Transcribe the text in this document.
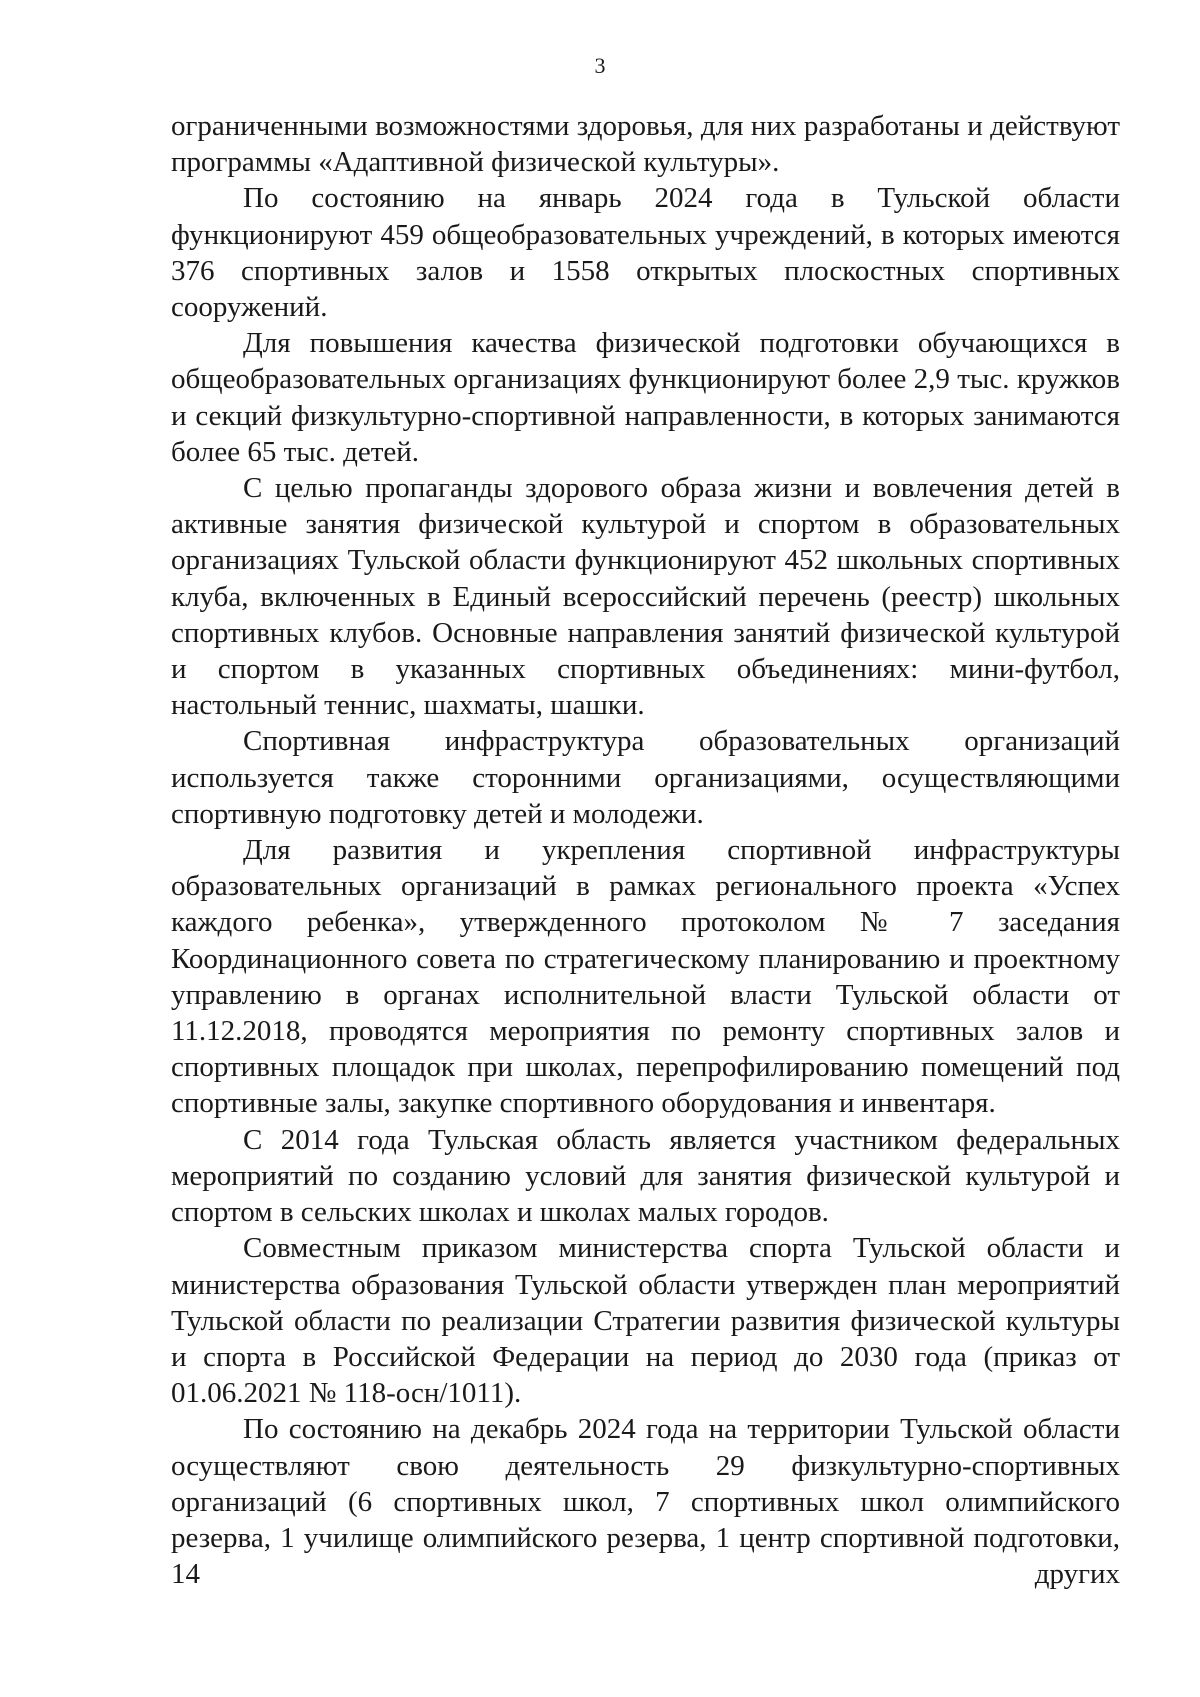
3

ограниченными возможностями здоровья, для них разработаны и действуют программы «Адаптивной физической культуры».

По состоянию на январь 2024 года в Тульской области функционируют 459 общеобразовательных учреждений, в которых имеются 376 спортивных залов и 1558 открытых плоскостных спортивных сооружений.

Для повышения качества физической подготовки обучающихся в общеобразовательных организациях функционируют более 2,9 тыс. кружков и секций физкультурно-спортивной направленности, в которых занимаются более 65 тыс. детей.

С целью пропаганды здорового образа жизни и вовлечения детей в активные занятия физической культурой и спортом в образовательных организациях Тульской области функционируют 452 школьных спортивных клуба, включенных в Единый всероссийский перечень (реестр) школьных спортивных клубов. Основные направления занятий физической культурой и спортом в указанных спортивных объединениях: мини-футбол, настольный теннис, шахматы, шашки.

Спортивная инфраструктура образовательных организаций используется также сторонними организациями, осуществляющими спортивную подготовку детей и молодежи.

Для развития и укрепления спортивной инфраструктуры образовательных организаций в рамках регионального проекта «Успех каждого ребенка», утвержденного протоколом № 7 заседания Координационного совета по стратегическому планированию и проектному управлению в органах исполнительной власти Тульской области от 11.12.2018, проводятся мероприятия по ремонту спортивных залов и спортивных площадок при школах, перепрофилированию помещений под спортивные залы, закупке спортивного оборудования и инвентаря.

С 2014 года Тульская область является участником федеральных мероприятий по созданию условий для занятия физической культурой и спортом в сельских школах и школах малых городов.

Совместным приказом министерства спорта Тульской области и министерства образования Тульской области утвержден план мероприятий Тульской области по реализации Стратегии развития физической культуры и спорта в Российской Федерации на период до 2030 года (приказ от 01.06.2021 № 118-осн/1011).

По состоянию на декабрь 2024 года на территории Тульской области осуществляют свою деятельность 29 физкультурно-спортивных организаций (6 спортивных школ, 7 спортивных школ олимпийского резерва, 1 училище олимпийского резерва, 1 центр спортивной подготовки, 14 других
